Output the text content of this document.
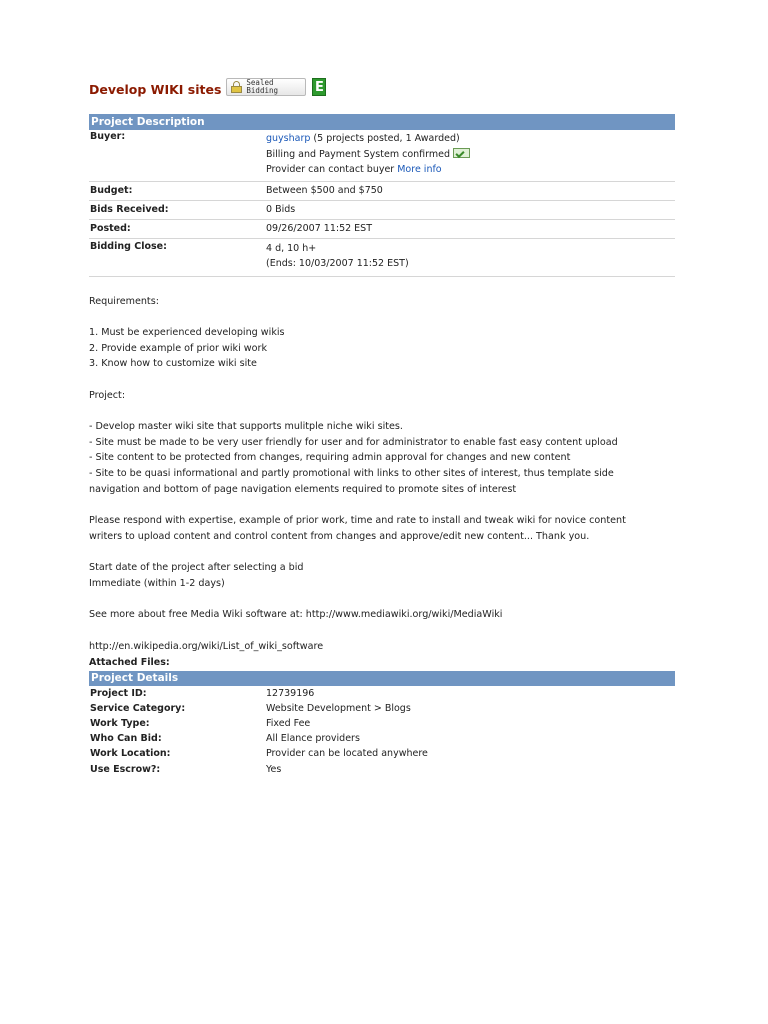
Develop WIKI sites	Sealed
Bidding	E
Project Description
Buyer:	guysharp (5 projects posted, 1 Awarded)
Billing and Payment System confirmed
Provider can contact buyer More info

Budget:	Between $500 and $750
Bids Received:	0 Bids
Posted:	09/26/2007 11:52 EST
Bidding Close:	4 d, 10 h+
(Ends: 10/03/2007 11:52 EST)

Requirements:

1. Must be experienced developing wikis

2. Provide example of prior wiki work

3. Know how to customize wiki site

Project:

- Develop master wiki site that supports mulitple niche wiki sites.

- Site must be made to be very user friendly for user and for administrator to enable fast easy content upload

- Site content to be protected from changes, requiring admin approval for changes and new content

- Site to be quasi informational and partly promotional with links to other sites of interest, thus template side

navigation and bottom of page navigation elements required to promote sites of interest

Please respond with expertise, example of prior work, time and rate to install and tweak wiki for novice content

writers to upload content and control content from changes and approve/edit new content... Thank you.

Start date of the project after selecting a bid

Immediate (within 1-2 days)

See more about free Media Wiki software at: http://www.mediawiki.org/wiki/MediaWiki

http://en.wikipedia.org/wiki/List_of_wiki_software

Attached Files:
Project Details
Project ID:	12739196
Service Category:	Website Development > Blogs
Work Type:	Fixed Fee
Who Can Bid:	All Elance providers
Work Location:	Provider can be located anywhere
Use Escrow?:	Yes
